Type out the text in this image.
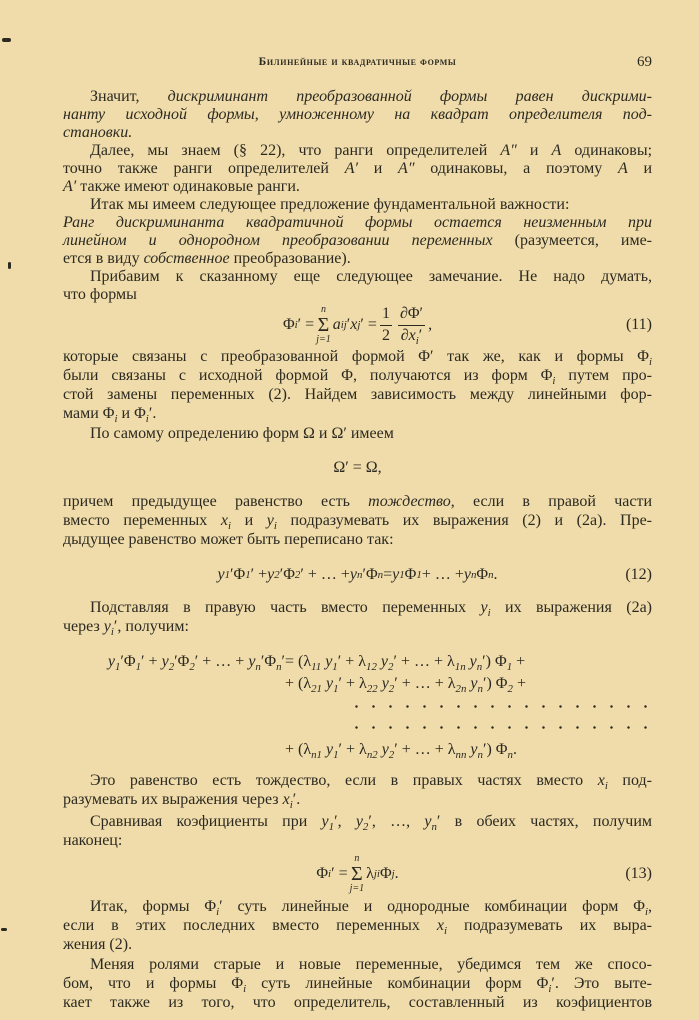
Билинейные и квадратичные формы	69
Значит, дискриминант преобразованной формы равен дискрими-
нанту исходной формы, умноженному на квадрат определителя под-
становки.
Далее, мы знаем (§ 22), что ранги определителей A″ и A одинаковы;
точно также ранги определителей A′ и A″ одинаковы, а поэтому A и
A′ также имеют одинаковые ранги.
Итак мы имеем следующее предложение фундаментальной важности:
Ранг дискриминанта квадратичной формы остается неизменным при
линейном и однородном преобразовании переменных (разумеется, име-
ется в виду собственное преобразование).
Прибавим к сказанному еще следующее замечание. Не надо думать,
что формы
Φ i ′ =
n
Σ
j=1
a ij ′ x j ′ = $\frac{1}{2} \frac{\partial\Phi'}{\partial x_i'}$ ,	(11)
которые связаны с преобразованной формой Φ′ так же, как и формы $\Phi_i$
были связаны с исходной формой Φ, получаются из форм $\Phi_i$ путем про-
стой замены переменных (2). Найдем зависимость между линейными фор-
мами $\Phi_i$ и $\Phi_i'$.
По самому определению форм Ω и Ω′ имеем
Ω′ = Ω,
причем предыдущее равенство есть тождество, если в правой части
вместо переменных $x_i$ и $y_i$ подразумевать их выражения (2) и (2a). Пре-
дыдущее равенство может быть переписано так:
y 1 ′Φ 1 ′ + y 2 ′Φ 2 ′ + … + y n ′Φ n = y 1 Φ 1 + … + y n Φ n .	(12)
Подставляя в правую часть вместо переменных $y_i$ их выражения (2a)
через $y_i'$, получим:
$y_1'\Phi_1' + y_2'\Phi_2'$ + … + $y_n'\Phi_n' = (\lambda_{11}$ $y_1' + \lambda_{12}$ $y_2'$ + … + $\lambda_{1n}$ $y_n'$) $\Phi_1$ +
+ ($\lambda_{21}$ $y_1' + \lambda_{22}$ $y_2'$ + … + $\lambda_{2n}$ $y_n'$) $\Phi_2$ +
+ ($\lambda_{n1}$ $y_1' + \lambda_{n2}$ $y_2'$ + … + $\lambda_{nn}$ $y_n'$) $\Phi_n$.
Это равенство есть тождество, если в правых частях вместо $x_i$ под-
разумевать их выражения через $x_i'$.
Сравнивая коэфициенты при $y_1'$, $y_2'$, …, $y_n'$ в обеих частях, получим
наконец:
Φ i ′ =
n
Σ
j=1
λ ji Φ j .	(13)
Итак, формы $\Phi_i'$ суть линейные и однородные комбинации форм $\Phi_i$,
если в этих последних вместо переменных $x_i$ подразумевать их выра-
жения (2).
Меняя ролями старые и новые переменные, убедимся тем же спосо-
бом, что и формы $\Phi_i$ суть линейные комбинации форм $\Phi_i'$. Это выте-
кает также из того, что определитель, составленный из коэфициентов
